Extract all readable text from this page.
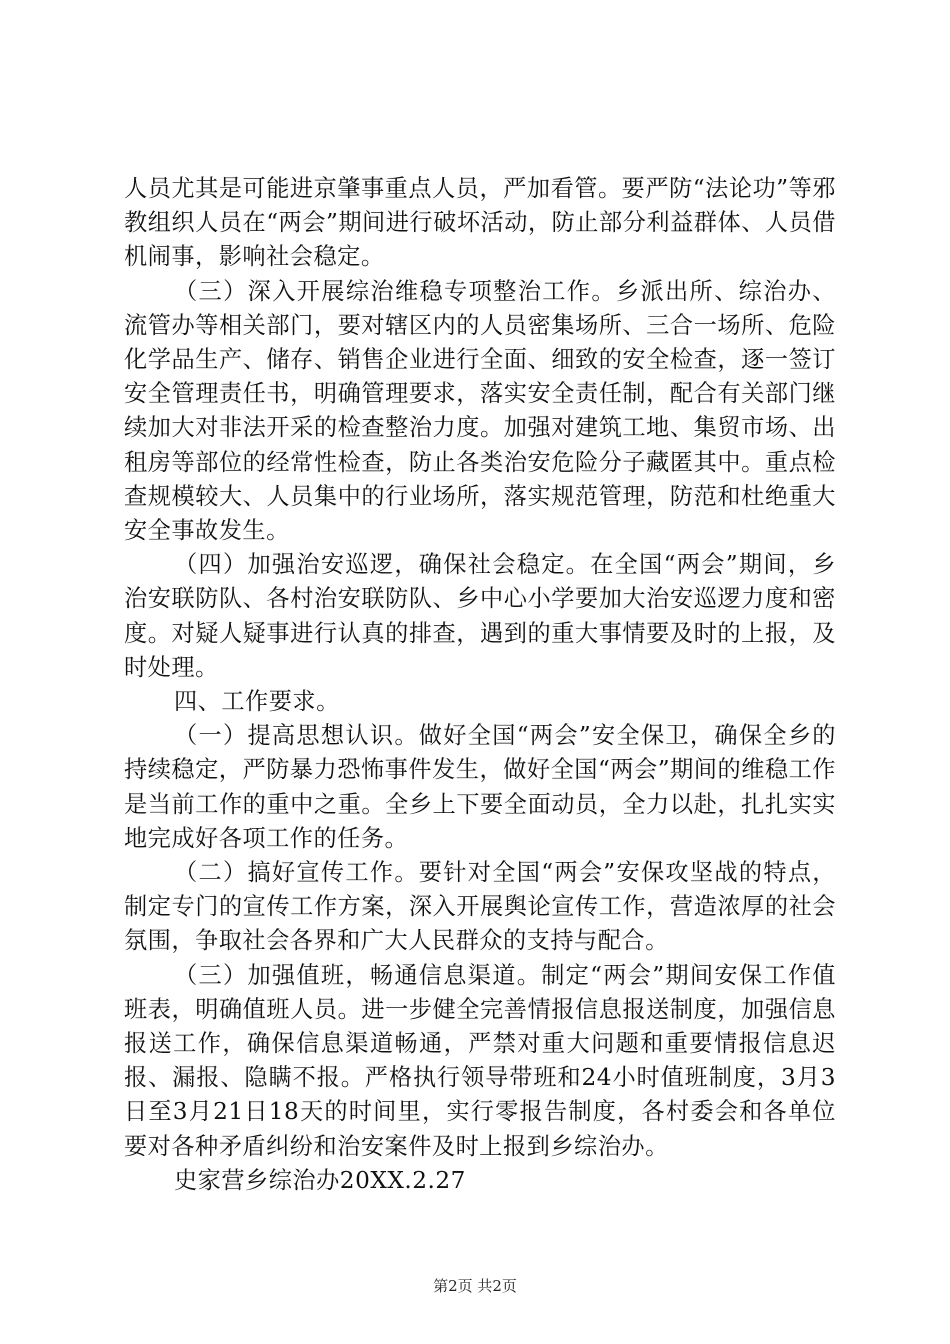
人员尤其是可能进京肇事重点人员，严加看管。要严防“法论功”等邪教组织人员在“两会”期间进行破坏活动，防止部分利益群体、人员借机闹事，影响社会稳定。

（三）深入开展综治维稳专项整治工作。乡派出所、综治办、流管办等相关部门，要对辖区内的人员密集场所、三合一场所、危险化学品生产、储存、销售企业进行全面、细致的安全检查，逐一签订安全管理责任书，明确管理要求，落实安全责任制，配合有关部门继续加大对非法开采的检查整治力度。加强对建筑工地、集贸市场、出租房等部位的经常性检查，防止各类治安危险分子藏匿其中。重点检查规模较大、人员集中的行业场所，落实规范管理，防范和杜绝重大安全事故发生。

（四）加强治安巡逻，确保社会稳定。在全国“两会”期间，乡治安联防队、各村治安联防队、乡中心小学要加大治安巡逻力度和密度。对疑人疑事进行认真的排查，遇到的重大事情要及时的上报，及时处理。

四、工作要求。

（一）提高思想认识。做好全国“两会”安全保卫，确保全乡的持续稳定，严防暴力恐怖事件发生，做好全国“两会”期间的维稳工作是当前工作的重中之重。全乡上下要全面动员，全力以赴，扎扎实实地完成好各项工作的任务。

（二）搞好宣传工作。要针对全国“两会”安保攻坚战的特点，制定专门的宣传工作方案，深入开展舆论宣传工作，营造浓厚的社会氛围，争取社会各界和广大人民群众的支持与配合。

（三）加强值班，畅通信息渠道。制定“两会”期间安保工作值班表，明确值班人员。进一步健全完善情报信息报送制度，加强信息报送工作，确保信息渠道畅通，严禁对重大问题和重要情报信息迟报、漏报、隐瞒不报。严格执行领导带班和24小时值班制度，3月3日至3月21日18天的时间里，实行零报告制度，各村委会和各单位要对各种矛盾纠纷和治安案件及时上报到乡综治办。

史家营乡综治办20XX.2.27

第2页 共2页
